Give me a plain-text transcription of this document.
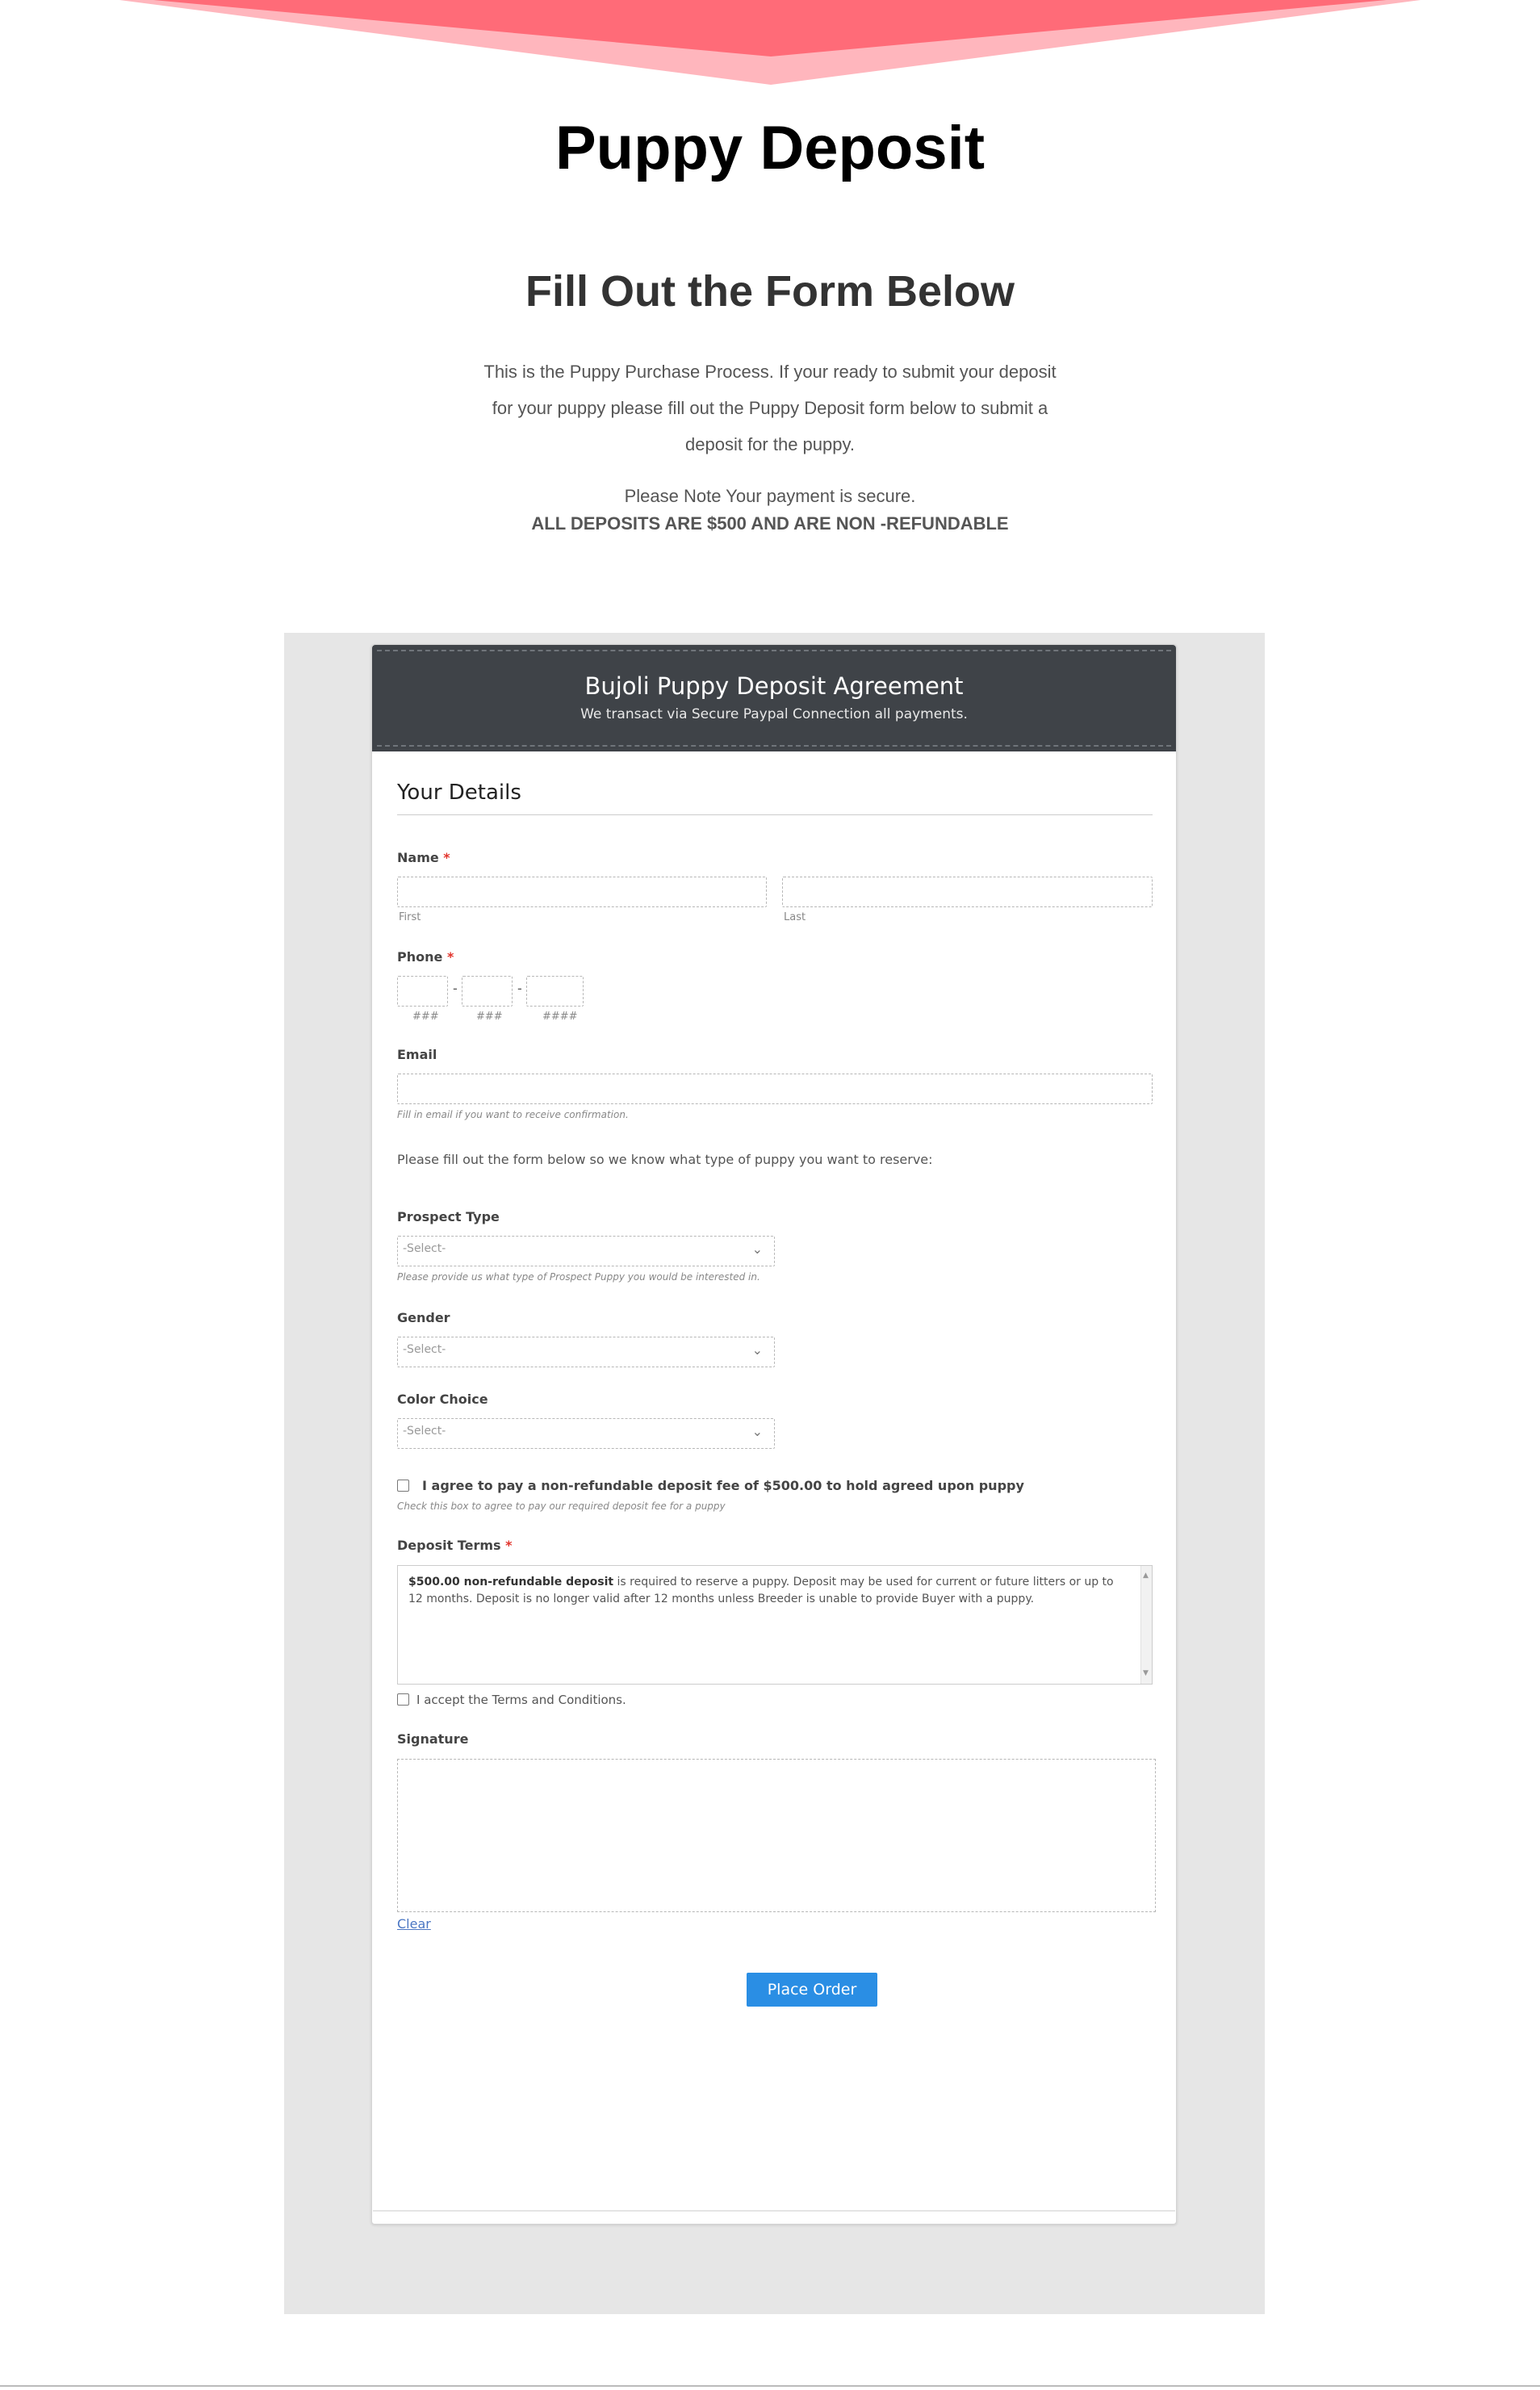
Puppy Deposit
Fill Out the Form Below

This is the Puppy Purchase Process. If your ready to submit your deposit for your puppy please fill out the Puppy Deposit form below to submit a deposit for the puppy.

Please Note Your payment is secure.

ALL DEPOSITS ARE $500 AND ARE NON -REFUNDABLE

Bujoli Puppy Deposit Agreement
We transact via Secure Paypal Connection all payments.
Your Details
Name *
First	Last
Phone *
-	-
###	###	####
Email
Fill in email if you want to receive confirmation.
Please fill out the form below so we know what type of puppy you want to reserve:
Prospect Type
-Select-	⌄
Please provide us what type of Prospect Puppy you would be interested in.
Gender
-Select-	⌄
Color Choice
-Select-	⌄
I agree to pay a non-refundable deposit fee of $500.00 to hold agreed upon puppy
Check this box to agree to pay our required deposit fee for a puppy
Deposit Terms *
$500.00 non-refundable deposit is required to reserve a puppy. Deposit may be used for current or future litters or up to 12 months. Deposit is no longer valid after 12 months unless Breeder is unable to provide Buyer with a puppy.
▲
▼
I accept the Terms and Conditions.
Signature
Clear
Place Order
